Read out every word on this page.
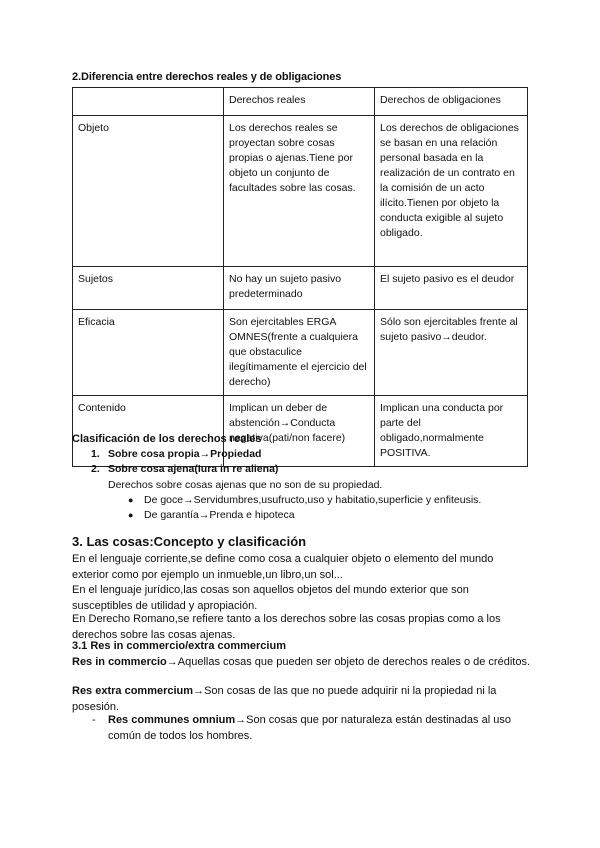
2.Diferencia entre derechos reales y de obligaciones
	Derechos reales	Derechos de obligaciones
Objeto	Los derechos reales se proyectan sobre cosas propias o ajenas.Tiene por objeto un conjunto de facultades sobre las cosas.	Los derechos de obligaciones se basan en una relación personal basada en la realización de un contrato en la comisión de un acto ilícito.Tienen por objeto la conducta exigible al sujeto obligado.
Sujetos	No hay un sujeto pasivo predeterminado	El sujeto pasivo es el deudor
Eficacia	Son ejercitables ERGA OMNES(frente a cualquiera que obstaculice ilegítimamente el ejercicio del derecho)	Sólo son ejercitables frente al sujeto pasivo→deudor.
Contenido	Implican un deber de abstención→Conducta negativa(pati/non facere)	Implican una conducta por parte del obligado,normalmente POSITIVA.
Clasificación de los derechos reales
1. Sobre cosa propia→Propiedad
2. Sobre cosa ajena(Iura in re aliena)
Derechos sobre cosas ajenas que no son de su propiedad.
●	De goce→Servidumbres,usufructo,uso y habitatio,superficie y enfiteusis.
●	De garantía→Prenda e hipoteca
3. Las cosas:Concepto y clasificación
En el lenguaje corriente,se define como cosa a cualquier objeto o elemento del mundo exterior como por ejemplo un inmueble,un libro,un sol...
En el lenguaje jurídico,las cosas son aquellos objetos del mundo exterior que son susceptibles de utilidad y apropiación.
En Derecho Romano,se refiere tanto a los derechos sobre las cosas propias como a los derechos sobre las cosas ajenas.
3.1 Res in commercio/extra commercium
Res in commercio→Aquellas cosas que pueden ser objeto de derechos reales o de créditos.
Res extra commercium→Son cosas de las que no puede adquirir ni la propiedad ni la posesión.
- Res communes omnium→Son cosas que por naturaleza están destinadas al uso común de todos los hombres.
